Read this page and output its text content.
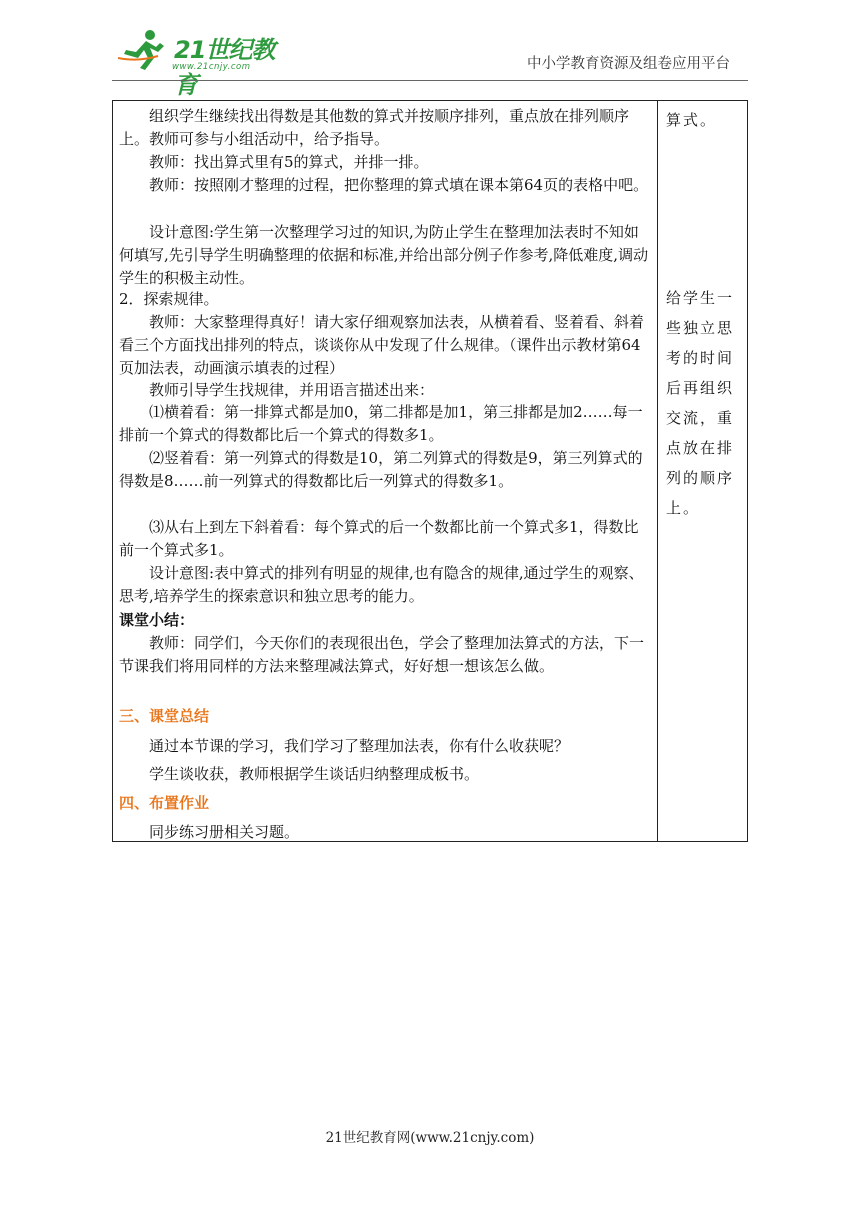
21世纪教育
www.21cnjy.com	中小学教育资源及组卷应用平台

组织学生继续找出得数是其他数的算式并按顺序排列，重点放在排列顺序上。教师可参与小组活动中，给予指导。

教师：找出算式里有5的算式，并排一排。

教师：按照刚才整理的过程，把你整理的算式填在课本第64页的表格中吧。

设计意图:学生第一次整理学习过的知识,为防止学生在整理加法表时不知如何填写,先引导学生明确整理的依据和标准,并给出部分例子作参考,降低难度,调动学生的积极主动性。

2．探索规律。

教师：大家整理得真好！请大家仔细观察加法表，从横着看、竖着看、斜着看三个方面找出排列的特点，谈谈你从中发现了什么规律。（课件出示教材第64页加法表，动画演示填表的过程）

教师引导学生找规律，并用语言描述出来：

⑴横着看：第一排算式都是加0，第二排都是加1，第三排都是加2……每一排前一个算式的得数都比后一个算式的得数多1。

⑵竖着看：第一列算式的得数是10，第二列算式的得数是9，第三列算式的得数是8……前一列算式的得数都比后一列算式的得数多1。

⑶从右上到左下斜着看：每个算式的后一个数都比前一个算式多1，得数比前一个算式多1。

设计意图:表中算式的排列有明显的规律,也有隐含的规律,通过学生的观察、思考,培养学生的探索意识和独立思考的能力。

课堂小结：

教师：同学们，今天你们的表现很出色，学会了整理加法算式的方法，下一节课我们将用同样的方法来整理减法算式，好好想一想该怎么做。

三、课堂总结

通过本节课的学习，我们学习了整理加法表，你有什么收获呢？

学生谈收获，教师根据学生谈话归纳整理成板书。

四、布置作业

同步练习册相关习题。

算式。

给学生一些独立思考的时间后再组织交流，重点放在排列的顺序上。

21世纪教育网(www.21cnjy.com)
